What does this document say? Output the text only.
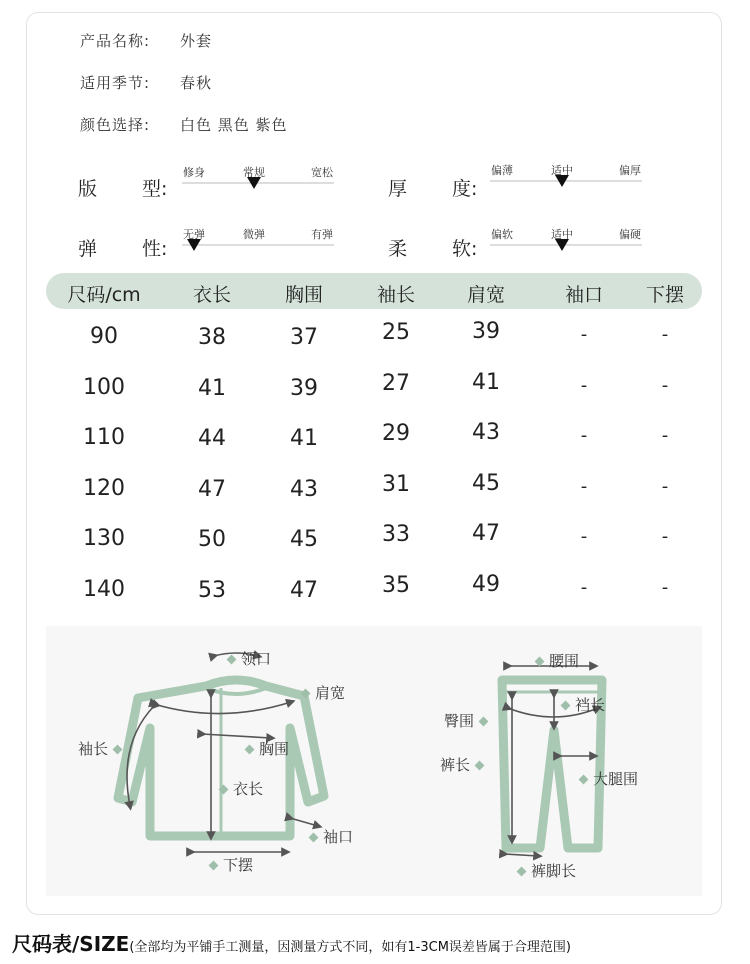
产品名称: 外套
适用季节: 春秋
颜色选择: 白色 黑色 紫色
版 型:	厚 度:
弹 性:	柔 软:
修身	常规	宽松	偏薄	适中	偏厚
无弹	微弹	有弹	偏软	适中	偏硬
尺码/cm	衣长	胸围	袖长	肩宽	袖口 下摆
90	38	37	25	39	-	-
100	41	39	27	41	-	-
110	44	41	29	43	-	-
120	47	43	31	45	-	-
130	50	45	33	47	-	-
140	53	47	35	49	-	-
领口
肩宽
袖长	胸围
衣长
袖口
下摆
腰围
裆长
臀围
裤长
大腿围
裤脚长
尺码表/SIZE(全部均为平铺手工测量，因测量方式不同，如有1-3CM误差皆属于合理范围)
